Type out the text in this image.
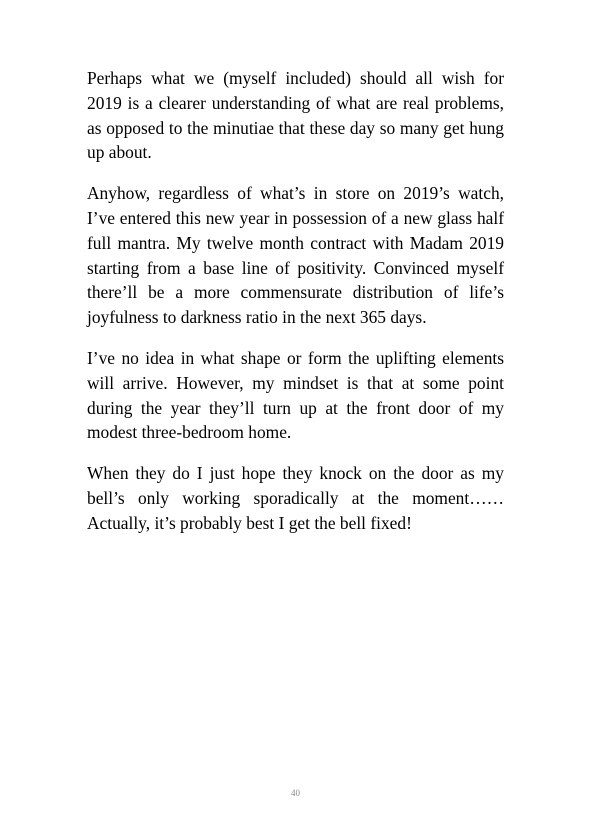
Perhaps what we (myself included) should all wish for 2019 is a clearer understanding of what are real problems, as opposed to the minutiae that these day so many get hung up about.

Anyhow, regardless of what’s in store on 2019’s watch, I’ve entered this new year in possession of a new glass half full mantra. My twelve month contract with Madam 2019 starting from a base line of positivity. Convinced myself there’ll be a more commensurate distribution of life’s joyfulness to darkness ratio in the next 365 days.

I’ve no idea in what shape or form the uplifting elements will arrive. However, my mindset is that at some point during the year they’ll turn up at the front door of my modest three-bedroom home.

When they do I just hope they knock on the door as my bell’s only working sporadically at the moment…… Actually, it’s probably best I get the bell fixed!

40
